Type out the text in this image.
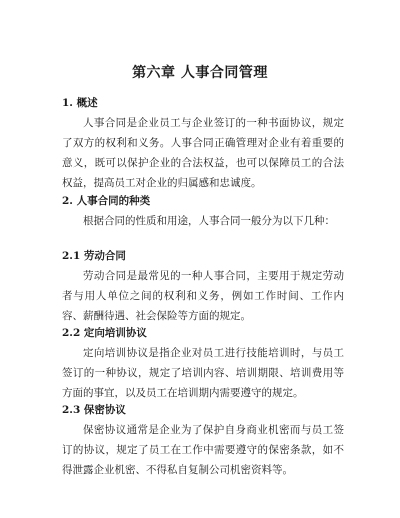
第六章 人事合同管理
1. 概述

人事合同是企业员工与企业签订的一种书面协议，规定了双方的权利和义务。人事合同正确管理对企业有着重要的意义，既可以保护企业的合法权益，也可以保障员工的合法权益，提高员工对企业的归属感和忠诚度。

2. 人事合同的种类

根据合同的性质和用途，人事合同一般分为以下几种：

2.1 劳动合同

劳动合同是最常见的一种人事合同，主要用于规定劳动者与用人单位之间的权利和义务，例如工作时间、工作内容、薪酬待遇、社会保险等方面的规定。

2.2 定向培训协议

定向培训协议是指企业对员工进行技能培训时，与员工签订的一种协议，规定了培训内容、培训期限、培训费用等方面的事宜，以及员工在培训期内需要遵守的规定。

2.3 保密协议

保密协议通常是企业为了保护自身商业机密而与员工签订的协议，规定了员工在工作中需要遵守的保密条款，如不得泄露企业机密、不得私自复制公司机密资料等。
